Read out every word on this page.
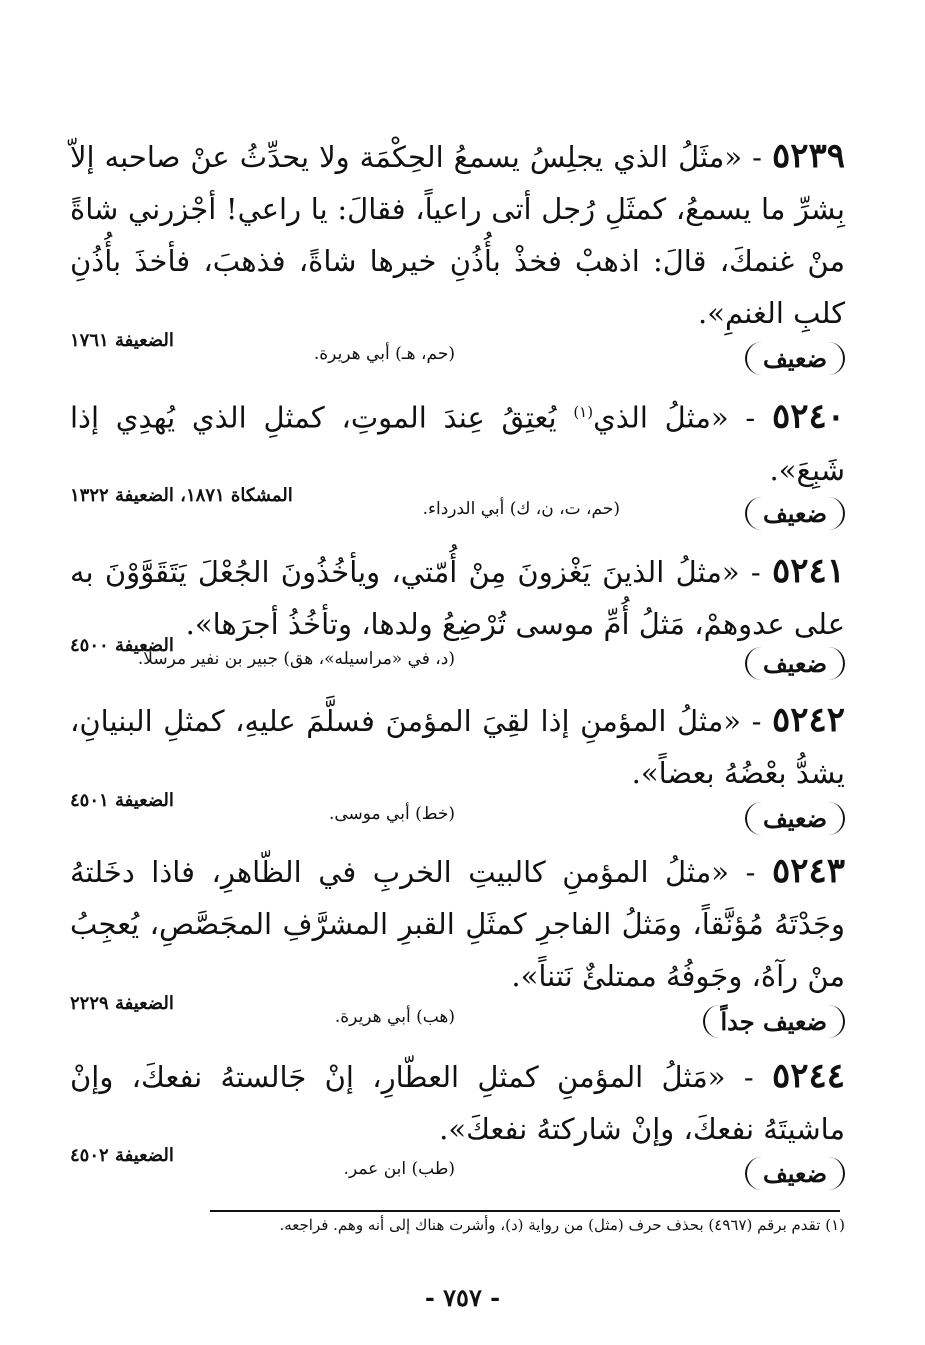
٥٢٣٩ - «مثَلُ الذي يجلِسُ يسمعُ الحِكْمَة ولا يحدِّثُ عنْ صاحبه إلاّ بِشرِّ ما يسمعُ، كمثَلِ رُجل أتى راعياً، فقالَ: يا راعي! أجْزرني شاةً منْ غنمكَ، قالَ: اذهبْ فخذْ بأُذُنِ خيرها شاةً، فذهبَ، فأخذَ بأُذُنِ كلبِ الغنمِ».
ضعيف
(حم، هـ) أبي هريرة.
الضعيفة ١٧٦١
٥٢٤٠ - «مثلُ الذي$^{(١)}$ يُعتِقُ عِندَ الموتِ، كمثلِ الذي يُهدِي إذا شَبِعَ».
ضعيف
(حم، ت، ن، ك) أبي الدرداء.
المشكاة ١٨٧١، الضعيفة ١٣٢٢
٥٢٤١ - «مثلُ الذينَ يَغْزونَ مِنْ أُمّتي، ويأخُذُونَ الجُعْلَ يَتَقَوَّوْنَ به على عدوهمْ، مَثلُ أُمِّ موسى تُرْضِعُ ولدها، وتأخُذُ أجرَها».
ضعيف
(د، في «مراسيله»، هق) جبير بن نفير مرسلاً.
الضعيفة ٤٥٠٠
٥٢٤٢ - «مثلُ المؤمنِ إذا لقِيَ المؤمنَ فسلَّمَ عليهِ، كمثلِ البنيانِ، يشدُّ بعْضُهُ بعضاً».
ضعيف
(خط) أبي موسى.
الضعيفة ٤٥٠١
٥٢٤٣ - «مثلُ المؤمنِ كالبيتِ الخربِ في الظّاهرِ، فاذا دخَلتهُ وجَدْتَهُ مُؤنَّقاً، ومَثلُ الفاجرِ كمثَلِ القبرِ المشرَّفِ المجَصَّصِ، يُعجِبُ منْ رآهُ، وجَوفُهُ ممتلئٌ نَتناً».
ضعيف جداً
(هب) أبي هريرة.
الضعيفة ٢٢٢٩
٥٢٤٤ - «مَثلُ المؤمنِ كمثلِ العطّارِ، إنْ جَالستهُ نفعكَ، وإنْ ماشيتَهُ نفعكَ، وإنْ شاركتهُ نفعكَ».
ضعيف
(طب) ابن عمر.
الضعيفة ٤٥٠٢
(١) تقدم برقم (٤٩٦٧) بحذف حرف (مثل) من رواية (د)، وأشرت هناك إلى أنه وهم. فراجعه.
- ٧٥٧ -
